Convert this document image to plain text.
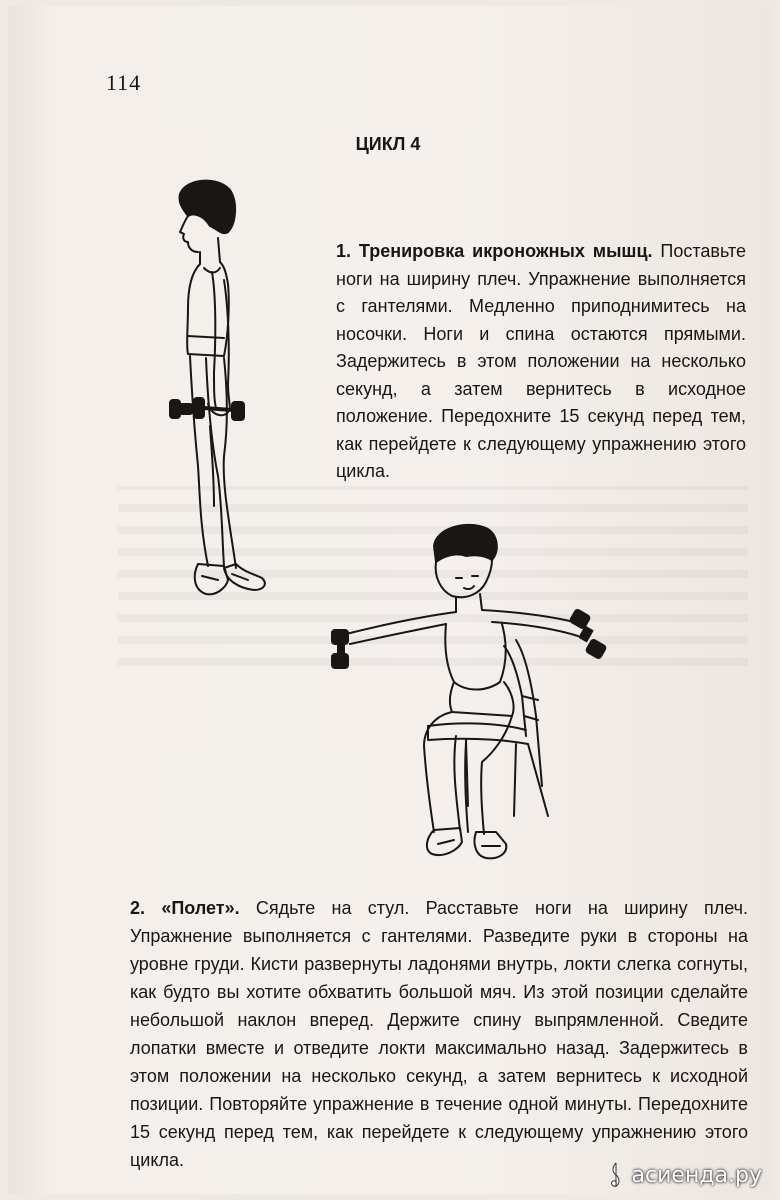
114
ЦИКЛ 4
1. Тренировка икроножных мышц. Поставьте ноги на ширину плеч. Упражнение выполняется с гантелями. Медленно приподнимитесь на носочки. Ноги и спина остаются прямыми. Задержитесь в этом положении на несколько секунд, а затем вернитесь в исходное положение. Передохните 15 секунд перед тем, как перейдете к следующему упражнению этого цикла.
2. «Полет». Сядьте на стул. Расставьте ноги на ширину плеч. Упражнение выполняется с гантелями. Разведите руки в стороны на уровне груди. Кисти развернуты ладонями внутрь, локти слегка согнуты, как будто вы хотите обхватить большой мяч. Из этой позиции сделайте небольшой наклон вперед. Держите спину выпрямленной. Сведите лопатки вместе и отведите локти максимально назад. Задержитесь в этом положении на несколько секунд, а затем вернитесь к исходной позиции. Повторяйте упражнение в течение одной минуты. Передохните 15 секунд перед тем, как перейдете к следующему упражнению этого цикла.
асиенда.ру
